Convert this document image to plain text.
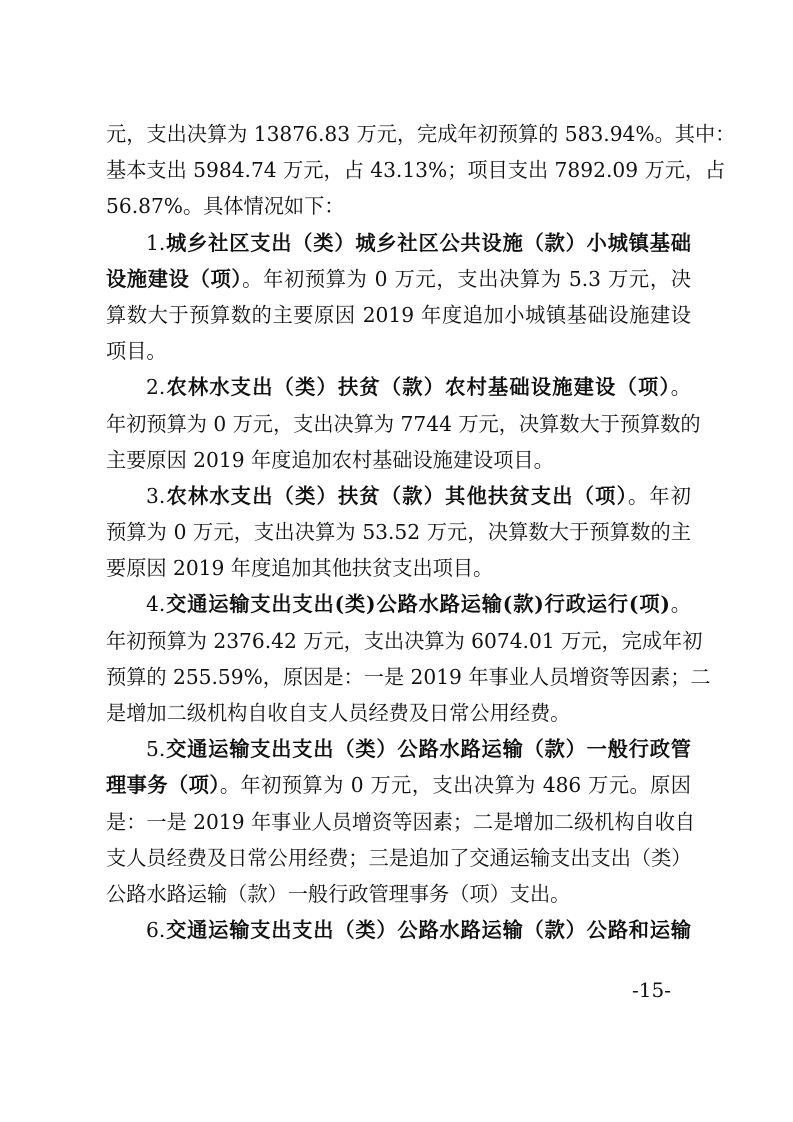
元，支出决算为 13876.83 万元，完成年初预算的 583.94%。其中：
基本支出 5984.74 万元，占 43.13%；项目支出 7892.09 万元，占
56.87%。具体情况如下：
1.城乡社区支出（类）城乡社区公共设施（款）小城镇基础
设施建设（项）。年初预算为 0 万元，支出决算为 5.3 万元，决
算数大于预算数的主要原因 2019 年度追加小城镇基础设施建设
项目。
2.农林水支出（类）扶贫（款）农村基础设施建设（项）。
年初预算为 0 万元，支出决算为 7744 万元，决算数大于预算数的
主要原因 2019 年度追加农村基础设施建设项目。
3.农林水支出（类）扶贫（款）其他扶贫支出（项）。年初
预算为 0 万元，支出决算为 53.52 万元，决算数大于预算数的主
要原因 2019 年度追加其他扶贫支出项目。
4.交通运输支出支出(类)公路水路运输(款)行政运行(项)。
年初预算为 2376.42 万元，支出决算为 6074.01 万元，完成年初
预算的 255.59%，原因是：一是 2019 年事业人员增资等因素；二
是增加二级机构自收自支人员经费及日常公用经费。
5.交通运输支出支出（类）公路水路运输（款）一般行政管
理事务（项）。年初预算为 0 万元，支出决算为 486 万元。原因
是：一是 2019 年事业人员增资等因素；二是增加二级机构自收自
支人员经费及日常公用经费；三是追加了交通运输支出支出（类）
公路水路运输（款）一般行政管理事务（项）支出。
6.交通运输支出支出（类）公路水路运输（款）公路和运输
-15-
